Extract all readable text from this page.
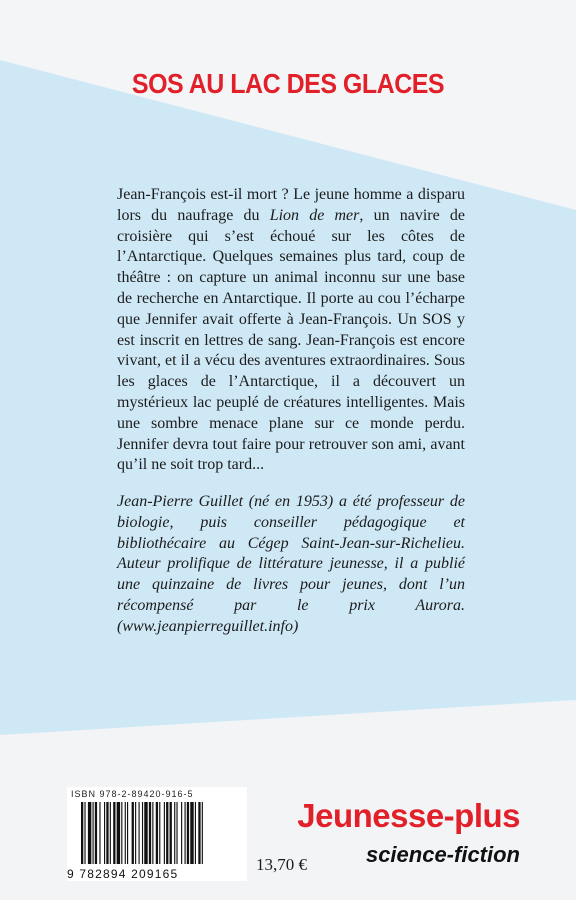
SOS AU LAC DES GLACES

Jean-François est-il mort ? Le jeune homme a disparu lors du naufrage du Lion de mer, un navire de croisière qui s’est échoué sur les côtes de l’Antarctique. Quelques semaines plus tard, coup de théâtre : on capture un animal inconnu sur une base de recherche en Antarctique. Il porte au cou l’écharpe que Jennifer avait offerte à Jean-François. Un SOS y est inscrit en lettres de sang. Jean-François est encore vivant, et il a vécu des aventures extraordinaires. Sous les glaces de l’Antarctique, il a découvert un mystérieux lac peuplé de créatures intelligentes. Mais une sombre menace plane sur ce monde perdu. Jennifer devra tout faire pour retrouver son ami, avant qu’il ne soit trop tard...

Jean-Pierre Guillet (né en 1953) a été professeur de biologie, puis conseiller pédagogique et bibliothécaire au Cégep Saint-Jean-sur-Richelieu. Auteur prolifique de littérature jeunesse, il a publié une quinzaine de livres pour jeunes, dont l’un récompensé par le prix Aurora. (www.jeanpierreguillet.info)

ISBN 978-2-89420-916-5
9 782894 209165	13,70 €
Jeunesse-plus
science-fiction
